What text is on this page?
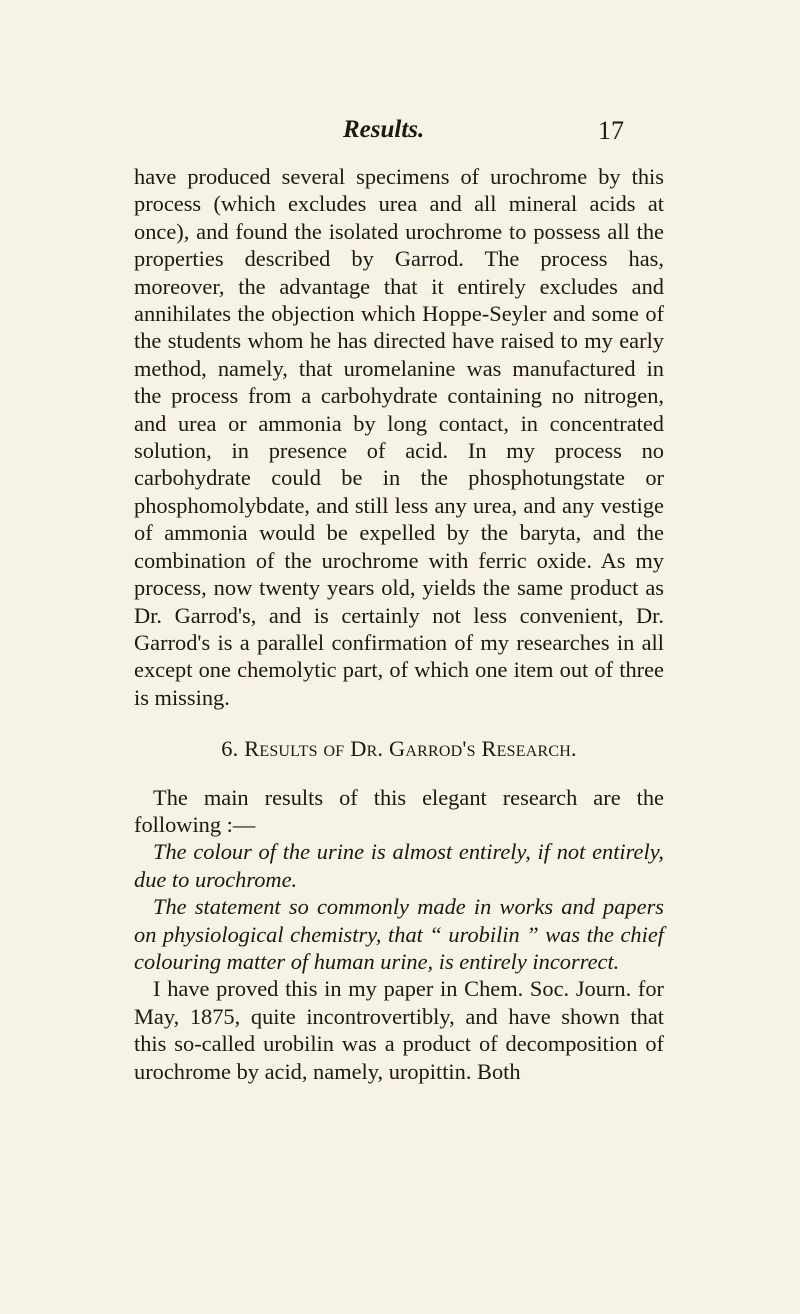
Results.	17

have produced several specimens of urochrome by this process (which excludes urea and all mineral acids at once), and found the isolated urochrome to possess all the properties described by Garrod. The process has, moreover, the advantage that it entirely excludes and annihilates the objection which Hoppe-Seyler and some of the students whom he has directed have raised to my early method, namely, that uromelanine was manufactured in the process from a carbohydrate containing no nitrogen, and urea or ammonia by long contact, in concentrated solution, in presence of acid. In my process no carbohydrate could be in the phosphotungstate or phosphomolybdate, and still less any urea, and any vestige of ammonia would be expelled by the baryta, and the combination of the urochrome with ferric oxide. As my process, now twenty years old, yields the same product as Dr. Garrod's, and is certainly not less convenient, Dr. Garrod's is a parallel confirmation of my researches in all except one chemolytic part, of which one item out of three is missing.

6. Results of Dr. Garrod's Research.

The main results of this elegant research are the following :—

The colour of the urine is almost entirely, if not entirely, due to urochrome.

The statement so commonly made in works and papers on physiological chemistry, that “ urobilin ” was the chief colouring matter of human urine, is entirely incorrect.

I have proved this in my paper in Chem. Soc. Journ. for May, 1875, quite incontrovertibly, and have shown that this so-called urobilin was a product of decomposition of urochrome by acid, namely, uropittin. Both
